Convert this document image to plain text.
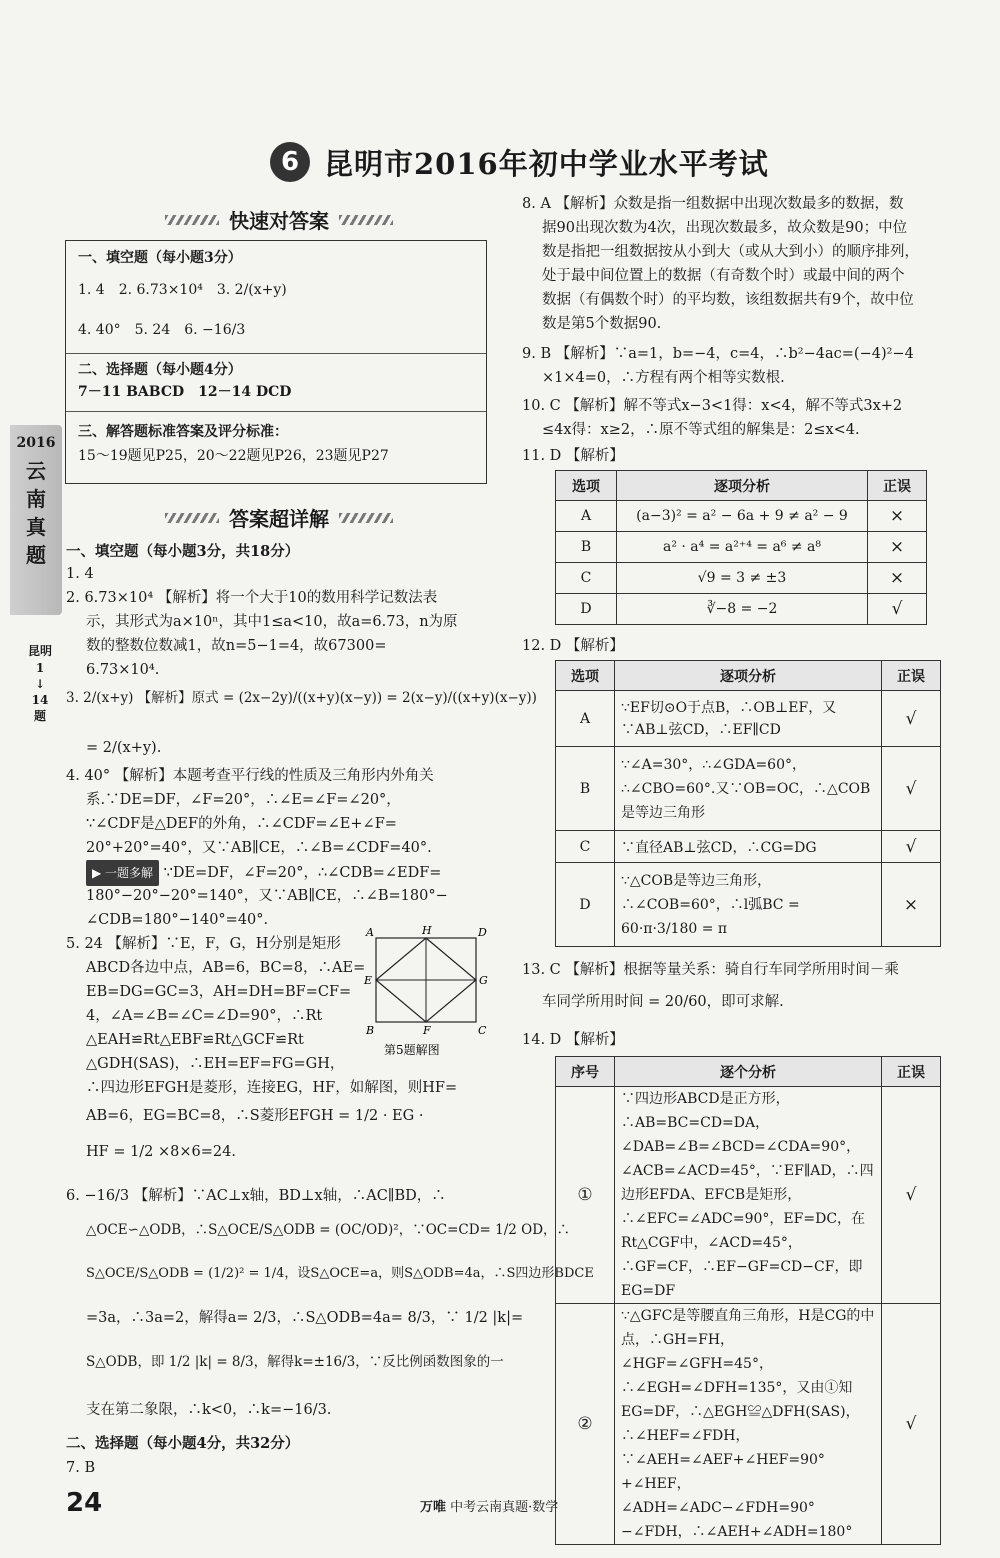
6 昆明市2016年初中学业水平考试
快速对答案
一、填空题（每小题3分）
1. 4　2. 6.73×10⁴　3. 2/(x+y)
4. 40°　5. 24　6. −16/3
二、选择题（每小题4分）
7－11 BABCD　12－14 DCD
三、解答题标准答案及评分标准：
15～19题见P25，20～22题见P26，23题见P27
2016
云
南
真
题
昆明
1
↓
14
题
答案超详解
一、填空题（每小题3分，共18分）
1. 4
2. 6.73×10⁴ 【解析】将一个大于10的数用科学记数法表
示，其形式为a×10ⁿ，其中1≤a<10，故a=6.73，n为原
数的整数位数减1，故n=5−1=4，故67300=
6.73×10⁴.
3. 2/(x+y) 【解析】原式 = (2x−2y)/((x+y)(x−y)) = 2(x−y)/((x+y)(x−y))
= 2/(x+y).
4. 40° 【解析】本题考查平行线的性质及三角形内外角关
系.∵DE=DF，∠F=20°，∴∠E=∠F=∠20°，
∵∠CDF是△DEF的外角，∴∠CDF=∠E+∠F=
20°+20°=40°，又∵AB∥CE，∴∠B=∠CDF=40°.
▶ 一题多解 ∵DE=DF，∠F=20°，∴∠CDB=∠EDF=
180°−20°−20°=140°，又∵AB∥CE，∴∠B=180°−
∠CDB=180°−140°=40°.
5. 24 【解析】∵E，F，G，H分别是矩形
ABCD各边中点，AB=6，BC=8，∴AE=
EB=DG=GC=3，AH=DH=BF=CF=
4，∠A=∠B=∠C=∠D=90°，∴Rt
△EAH≌Rt△EBF≌Rt△GCF≌Rt
△GDH(SAS)，∴EH=EF=FG=GH，
∴四边形EFGH是菱形，连接EG，HF，如解图，则HF=
AB=6，EG=BC=8，∴S菱形EFGH = 1/2 · EG ·
HF = 1/2 ×8×6=24.
6. −16/3 【解析】∵AC⊥x轴，BD⊥x轴，∴AC∥BD，∴
△OCE∽△ODB，∴S△OCE/S△ODB = (OC/OD)²，∵OC=CD= 1/2 OD，∴
S△OCE/S△ODB = (1/2)² = 1/4，设S△OCE=a，则S△ODB=4a，∴S四边形BDCE
=3a，∴3a=2，解得a= 2/3，∴S△ODB=4a= 8/3，∵ 1/2 |k|=
S△ODB，即 1/2 |k| = 8/3，解得k=±16/3，∵反比例函数图象的一
支在第二象限，∴k<0，∴k=−16/3.
二、选择题（每小题4分，共32分）
7. B
A	H	D
E	G
B	F	C
第5题解图
8. A 【解析】众数是指一组数据中出现次数最多的数据，数
据90出现次数为4次，出现次数最多，故众数是90；中位
数是指把一组数据按从小到大（或从大到小）的顺序排列，
处于最中间位置上的数据（有奇数个时）或最中间的两个
数据（有偶数个时）的平均数，该组数据共有9个，故中位
数是第5个数据90.
9. B 【解析】∵a=1，b=−4，c=4，∴b²−4ac=(−4)²−4
×1×4=0，∴方程有两个相等实数根.
10. C 【解析】解不等式x−3<1得：x<4，解不等式3x+2
≤4x得：x≥2，∴原不等式组的解集是：2≤x<4.
11. D 【解析】
选项	逐项分析	正误
A	(a−3)² = a² − 6a + 9 ≠ a² − 9	×
B	a² · a⁴ = a²⁺⁴ = a⁶ ≠ a⁸	×
C	√9 = 3 ≠ ±3	×
D	∛−8 = −2	√
12. D 【解析】
选项	逐项分析	正误
A	∵EF切⊙O于点B，∴OB⊥EF，又∵AB⊥弦CD，∴EF∥CD	√
B	∵∠A=30°，∴∠GDA=60°，∴∠CBO=60°.又∵OB=OC，∴△COB是等边三角形	√
C	∵直径AB⊥弦CD，∴CG=DG	√
D	∵△COB是等边三角形，∴∠COB=60°，∴l弧BC = 60·π·3/180 = π	×
13. C 【解析】根据等量关系：骑自行车同学所用时间－乘
车同学所用时间 = 20/60，即可求解.
14. D 【解析】
序号	逐个分析	正误
①	∵四边形ABCD是正方形，∴AB=BC=CD=DA，∠DAB=∠B=∠BCD=∠CDA=90°，∠ACB=∠ACD=45°，∵EF∥AD，∴四边形EFDA、EFCB是矩形，∴∠EFC=∠ADC=90°，EF=DC，在Rt△CGF中，∠ACD=45°，∴GF=CF，∴EF−GF=CD−CF，即EG=DF	√
②	∵△GFC是等腰直角三角形，H是CG的中点，∴GH=FH，∠HGF=∠GFH=45°，∴∠EGH=∠DFH=135°，又由①知EG=DF，∴△EGH≌△DFH(SAS)，∴∠HEF=∠FDH，∵∠AEH=∠AEF+∠HEF=90°+∠HEF，∠ADH=∠ADC−∠FDH=90°−∠FDH，∴∠AEH+∠ADH=180°	√
24	万唯 中考云南真题·数学
